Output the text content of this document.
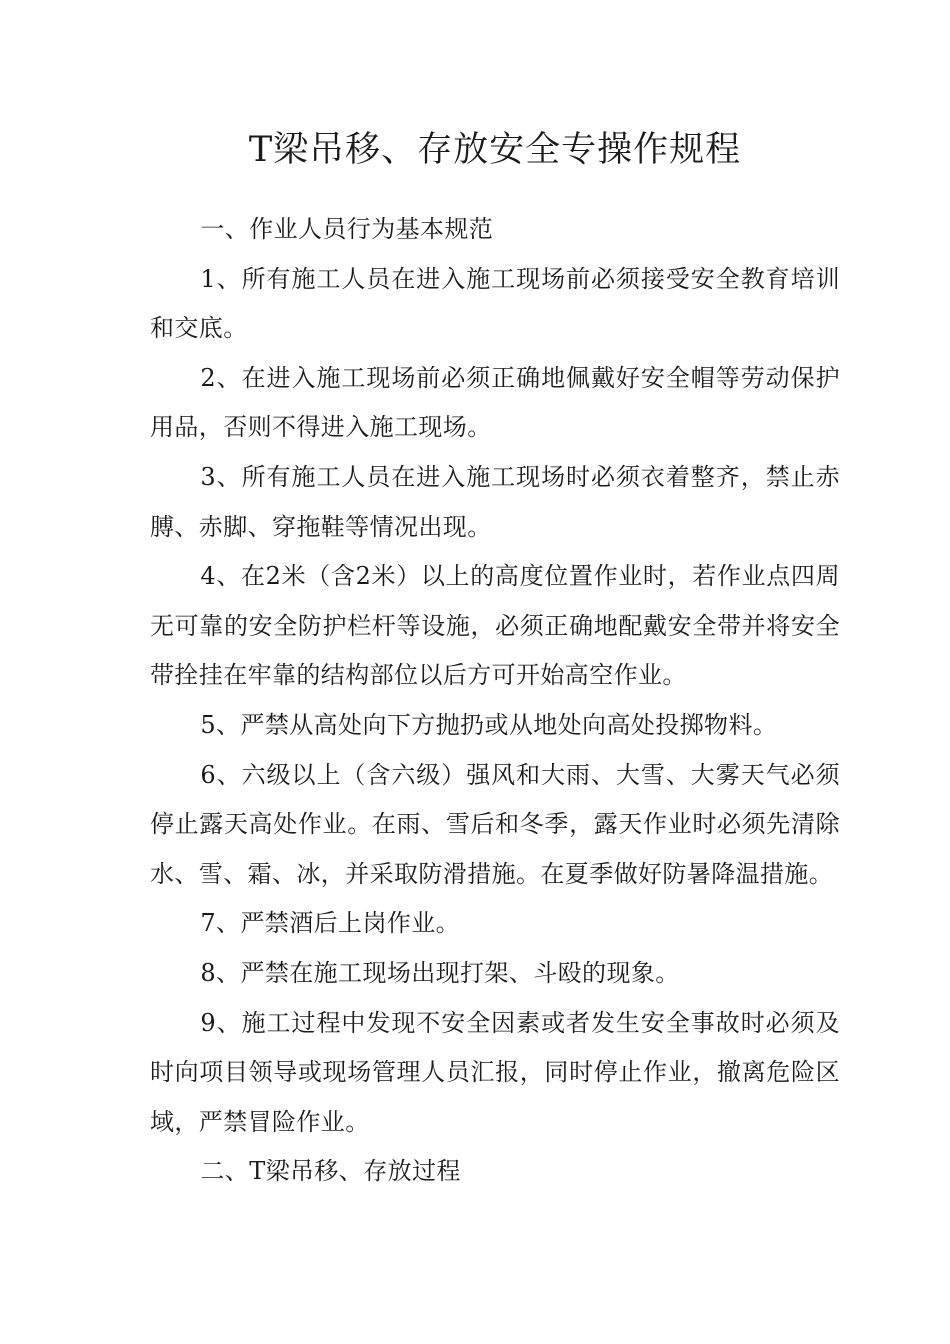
T梁吊移、存放安全专操作规程

一、作业人员行为基本规范

1、所有施工人员在进入施工现场前必须接受安全教育培训和交底。

2、在进入施工现场前必须正确地佩戴好安全帽等劳动保护用品，否则不得进入施工现场。

3、所有施工人员在进入施工现场时必须衣着整齐，禁止赤膊、赤脚、穿拖鞋等情况出现。

4、在2米（含2米）以上的高度位置作业时，若作业点四周无可靠的安全防护栏杆等设施，必须正确地配戴安全带并将安全带拴挂在牢靠的结构部位以后方可开始高空作业。

5、严禁从高处向下方抛扔或从地处向高处投掷物料。

6、六级以上（含六级）强风和大雨、大雪、大雾天气必须停止露天高处作业。在雨、雪后和冬季，露天作业时必须先清除水、雪、霜、冰，并采取防滑措施。在夏季做好防暑降温措施。

7、严禁酒后上岗作业。

8、严禁在施工现场出现打架、斗殴的现象。

9、施工过程中发现不安全因素或者发生安全事故时必须及时向项目领导或现场管理人员汇报，同时停止作业，撤离危险区域，严禁冒险作业。

二、T梁吊移、存放过程
